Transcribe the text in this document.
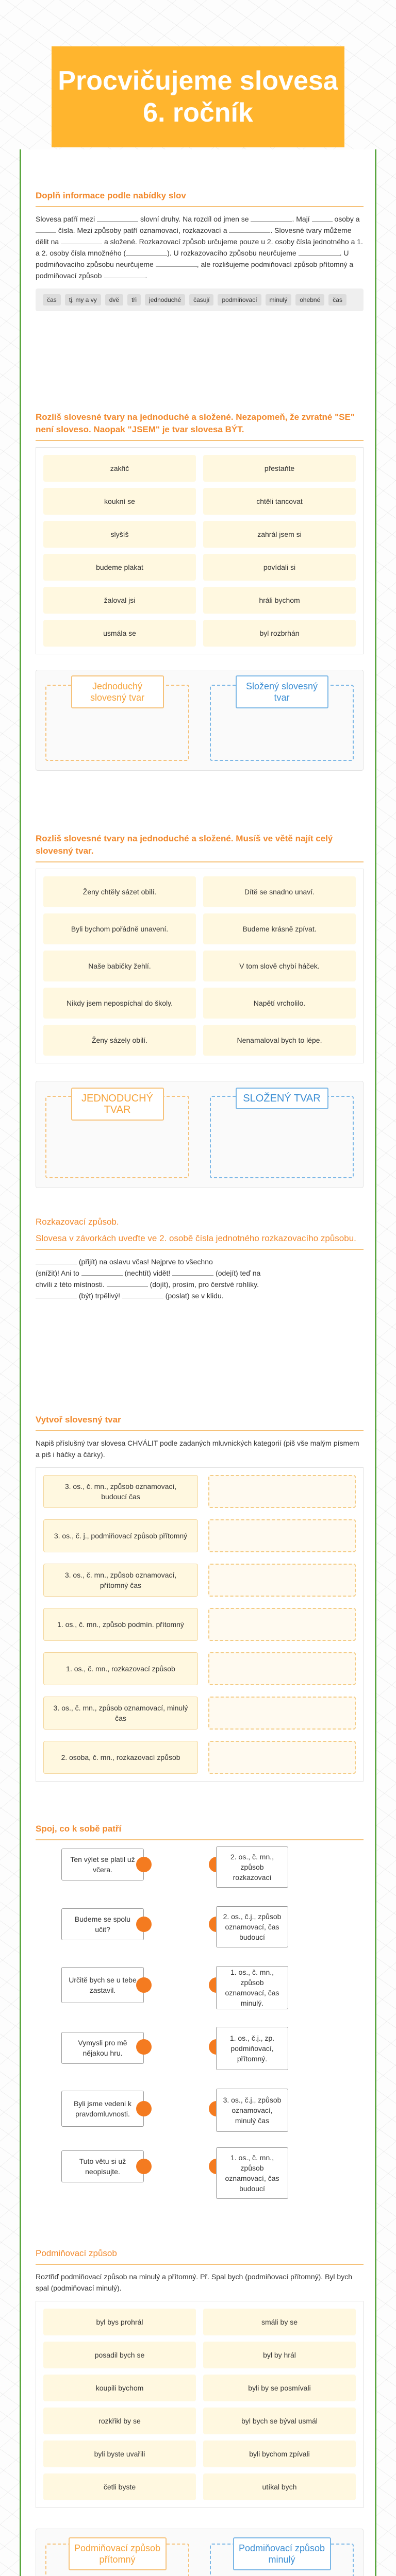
Procvičujeme slovesa 6. ročník
Doplň informace podle nabídky slov
Slovesa patří mezi	slovní druhy. Na rozdíl od jmen se	. Mají	osoby a  čísla. Mezi způsoby patří oznamovací, rozkazovací a	. Slovesné tvary můžeme dělit na	a složené. Rozkazovací způsob určujeme pouze u 2. osoby čísla jednotného a 1. a 2. osoby čísla množného (	). U rozkazovacího způsobu neurčujeme	. U podmiňovacího způsobu neurčujeme	, ale rozlišujeme podmiňovací způsob přítomný a podmiňovací způsob	.
čas tj. my a vy dvě tři jednoduché časují podmiňovací minulý ohebné čas
Rozliš slovesné tvary na jednoduché a složené. Nezapomeň, že zvratné "SE" není sloveso. Naopak "JSEM" je tvar slovesa BÝT.
zakřič	přestaňte
kouknì se	chtěli tancovat
slyšíš	zahrál jsem si
budeme plakat	povídali si
žaloval jsi	hráli bychom
usmála se	byl rozbrhán
Jednoduchý slovesný tvar
Složený slovesný tvar
Rozliš slovesné tvary na jednoduché a složené. Musíš ve větě najít celý slovesný tvar.
Ženy chtěly sázet obilí.	Dítě se snadno unaví.
Byli bychom pořádně unavení.	Budeme krásně zpívat.
Naše babičky žehlí.	V tom slově chybí háček.
Nikdy jsem nepospíchal do školy.	Napětí vrcholilo.
Ženy sázely obilí.	Nenamaloval bych to lépe.
JEDNODUCHÝ TVAR
SLOŽENÝ TVAR
Rozkazovací způsob.
Slovesa v závorkách uveďte ve 2. osobě čísla jednotného rozkazovacího způsobu.
(přijít) na oslavu včas! Nejprve to všechno
(snížit)! Ani to	(nechtít) vidět!	(odejít) teď na
chvíli z této místnosti.	(dojít), prosím, pro čerstvé rohlíky.
(být) trpělivý!	(poslat) se v klidu.
Vytvoř slovesný tvar
Napiš příslušný tvar slovesa CHVÁLIT podle zadaných mluvnických kategorií (piš vše malým písmem a piš i háčky a čárky).
3. os., č. mn., způsob oznamovací, budoucí čas
3. os., č. j., podmiňovací způsob přítomný
3. os., č. mn., způsob oznamovací, přítomný čas
1. os., č. mn., způsob podmín. přítomný
1. os., č. mn., rozkazovací způsob
3. os., č. mn., způsob oznamovací, minulý čas
2. osoba, č. mn., rozkazovací způsob
Spoj, co k sobě patří
Ten výlet se platil už včera.
2. os., č. mn., způsob rozkazovací
Budeme se spolu učit?
2. os., č.j., způsob oznamovací, čas budoucí
Určitě bych se u tebe zastavil.
1. os., č. mn., způsob oznamovací, čas minulý.
Vymysli pro mě nějakou hru.
1. os., č.j., zp. podmiňovací, přítomný.
Byli jsme vedeni k pravdomluvnosti.
3. os., č.j., způsob oznamovací, minulý čas
Tuto větu si už neopisujte.
1. os., č. mn., způsob oznamovací, čas budoucí
Podmiňovací způsob
Roztřiď podmiňovací způsob na minulý a přítomný. Př. Spal bych (podmiňovací přítomný). Byl bych spal (podmiňovací minulý).
byl bys prohrál	smáli by se
posadil bych se	byl by hrál
koupili bychom	byli by se posmívali
rozkřikl by se	byl bych se býval usmál
byli byste uvařili	byli bychom zpívali
četli byste	utíkal bych
Podmiňovací způsob přítomný
Podmiňovací způsob minulý
